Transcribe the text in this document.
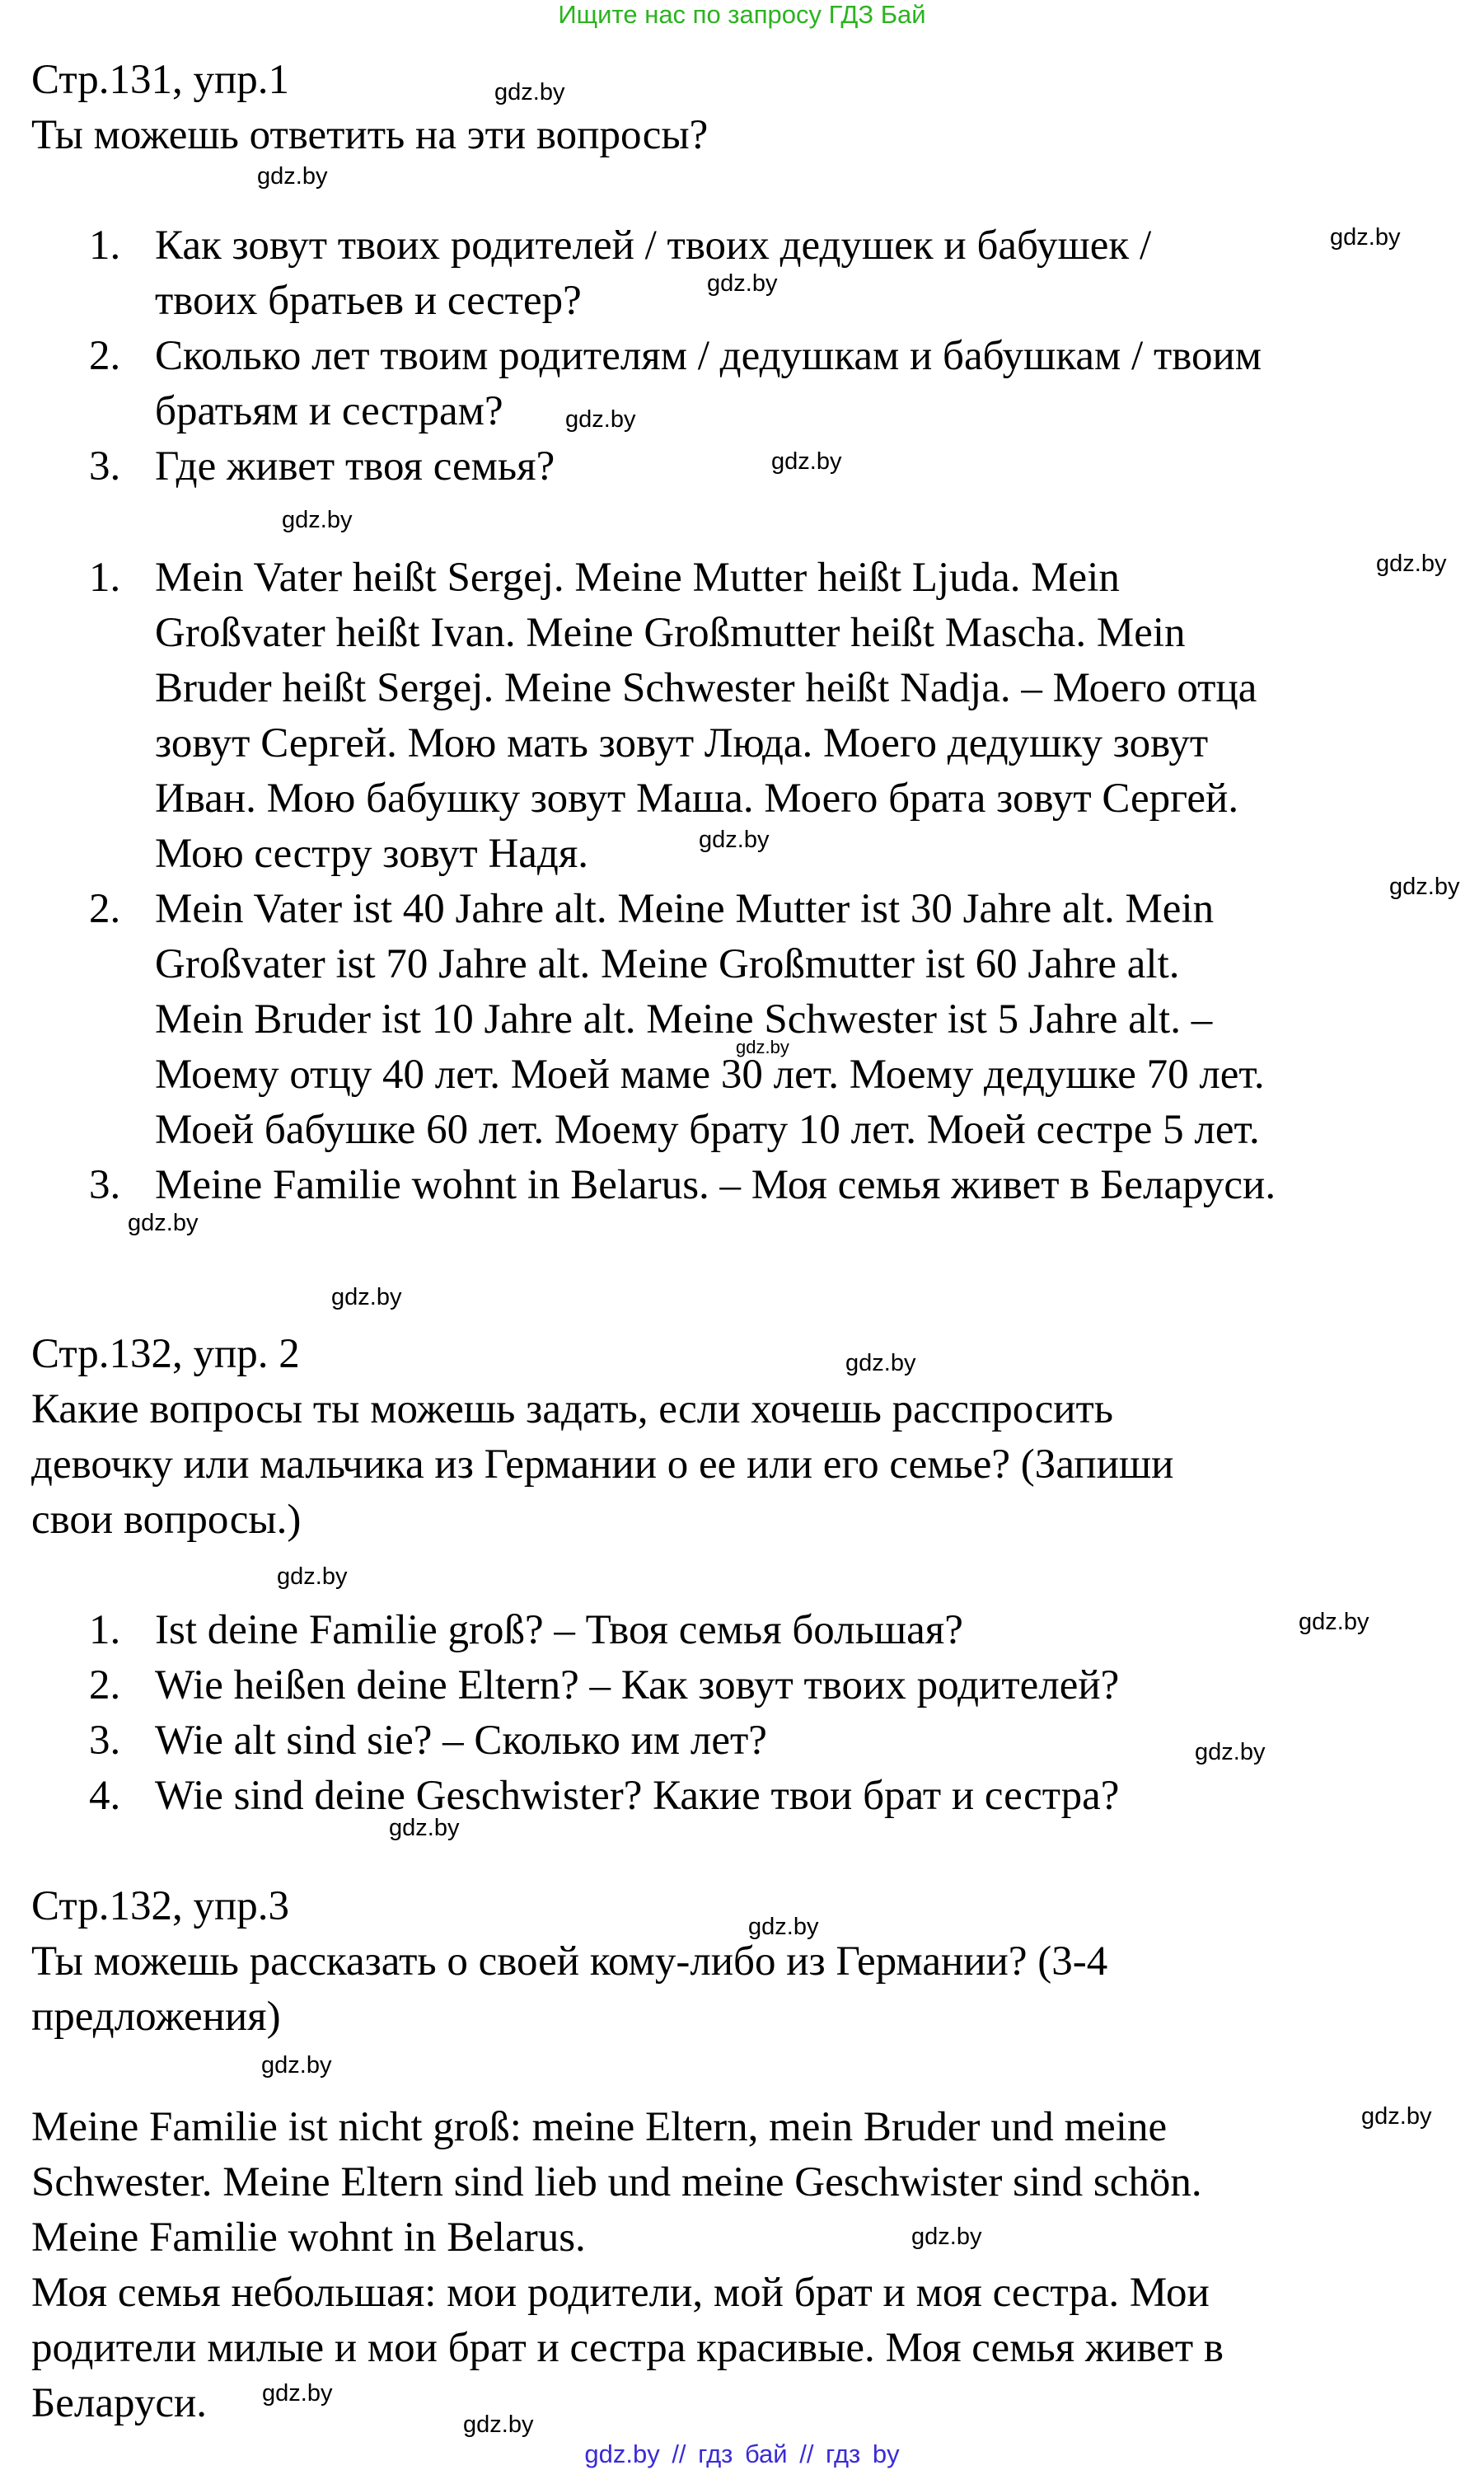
Ищите нас по запросу ГДЗ Бай
Стр.131, упр.1
Ты можешь ответить на эти вопросы?
1. Как зовут твоих родителей / твоих дедушек и бабушек /
твоих братьев и сестер?
2. Сколько лет твоим родителям / дедушкам и бабушкам / твоим
братьям и сестрам?
3. Где живет твоя семья?
1. Mein Vater heißt Sergej. Meine Mutter heißt Ljuda. Mein
Großvater heißt Ivan. Meine Großmutter heißt Mascha. Mein
Bruder heißt Sergej. Meine Schwester heißt Nadja. – Моего отца
зовут Сергей. Мою мать зовут Люда. Моего дедушку зовут
Иван. Мою бабушку зовут Маша. Моего брата зовут Сергей.
Мою сестру зовут Надя.
2. Mein Vater ist 40 Jahre alt. Meine Mutter ist 30 Jahre alt. Mein
Großvater ist 70 Jahre alt. Meine Großmutter ist 60 Jahre alt.
Mein Bruder ist 10 Jahre alt. Meine Schwester ist 5 Jahre alt. –
Моему отцу 40 лет. Моей маме 30 лет. Моему дедушке 70 лет.
Моей бабушке 60 лет. Моему брату 10 лет. Моей сестре 5 лет.
3. Meine Familie wohnt in Belarus. – Моя семья живет в Беларуси.
Стр.132, упр. 2
Какие вопросы ты можешь задать, если хочешь расспросить
девочку или мальчика из Германии о ее или его семье? (Запиши
свои вопросы.)
1. Ist deine Familie groß? – Твоя семья большая?
2. Wie heißen deine Eltern? – Как зовут твоих родителей?
3. Wie alt sind sie? – Сколько им лет?
4. Wie sind deine Geschwister? Какие твои брат и сестра?
Стр.132, упр.3
Ты можешь рассказать о своей кому-либо из Германии? (3-4
предложения)
Meine Familie ist nicht groß: meine Eltern, mein Bruder und meine
Schwester. Meine Eltern sind lieb und meine Geschwister sind schön.
Meine Familie wohnt in Belarus.
Моя семья небольшая: мои родители, мой брат и моя сестра. Мои
родители милые и мои брат и сестра красивые. Моя семья живет в
Беларуси.
gdz.by
gdz.by
gdz.by
gdz.by
gdz.by
gdz.by
gdz.by
gdz.by
gdz.by
gdz.by
gdz.by
gdz.by
gdz.by
gdz.by
gdz.by
gdz.by
gdz.by
gdz.by
gdz.by
gdz.by
gdz.by
gdz.by
gdz.by
gdz.by
gdz.by // гдз бай // гдз by
